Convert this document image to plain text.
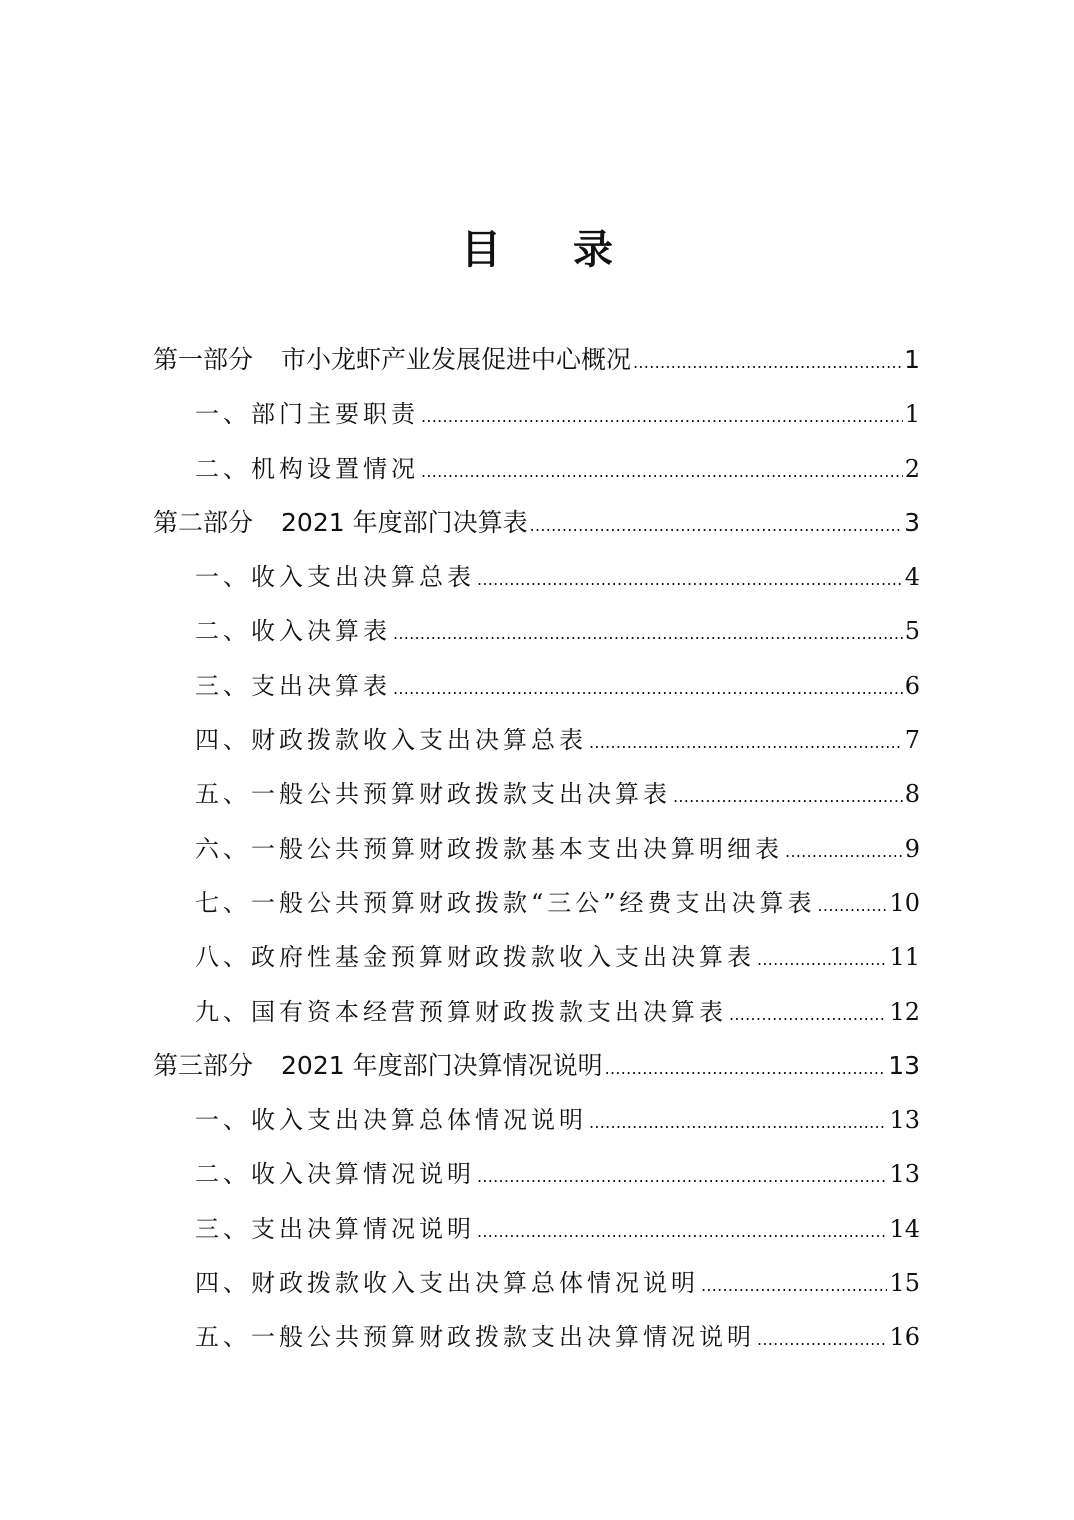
目 录
第一部分 市小龙虾产业发展促进中心概况 .....	1
一、部门主要职责 .....	1
二、机构设置情况 .....	2
第二部分 2021 年度部门决算表 .....	3
一、收入支出决算总表 .....	4
二、收入决算表 .....	5
三、支出决算表 .....	6
四、财政拨款收入支出决算总表 .....	7
五、一般公共预算财政拨款支出决算表 .....	8
六、一般公共预算财政拨款基本支出决算明细表 .....	9
七、一般公共预算财政拨款“三公”经费支出决算表 .....	10
八、政府性基金预算财政拨款收入支出决算表 .....	11
九、国有资本经营预算财政拨款支出决算表 .....	12
第三部分 2021 年度部门决算情况说明 .....	13
一、收入支出决算总体情况说明 .....	13
二、收入决算情况说明 .....	13
三、支出决算情况说明 .....	14
四、财政拨款收入支出决算总体情况说明 .....	15
五、一般公共预算财政拨款支出决算情况说明 .....	16
